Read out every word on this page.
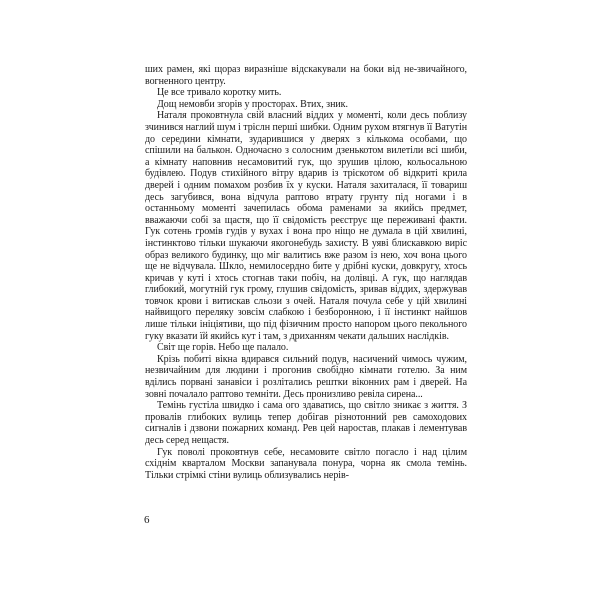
ших рамен, які щораз виразніше відскакували на боки від не-звичайного, вогненного центру.

Це все тривало коротку мить.

Дощ немовби згорів у просторах. Втих, зник.

Наталя проковтнула свій власний віддих у моменті, коли десь поблизу зчинився наглий шум і тріслн перші шибки. Одним рухом втягнув її Ватутін до середини кімнати, зударившися у дверях з кількома особами, що спішили на балькон. Одночасно з солосним дзенькотом вилетіли всі шиби, а кімнату наповнив несамовитий гук, що зрушив цілою, кольосальною будівлею. Подув стихійного вітру вдарив із тріскотом об відкриті крила дверей і одним помахом розбив їх у куски. Наталя захиталася, її товариш десь загубився, вона відчула раптово втрату грунту під ногами і в останньому моменті зачепилась обома раменами за якийсь предмет, вважаючи собі за щастя, що її свідомість реєструє ще переживані факти. Гук сотень громів гудів у вухах і вона про ніщо не думала в цій хвилині, інстинктово тільки шукаючи якогонебудь захисту. В уяві блискавкою вирiс образ великого будинку, що міг валитись вже разом із нею, хоч вона цього ще не відчувала. Шкло, немилосердно бите у дрібні куски, довкругу, хтось кричав у куті і хтось стогнав таки побіч, на долівці. А гук, що наглядав глибокий, могутній гук грому, глушив свідомість, зривав віддих, здержував товчок крови і витискав сльози з очей. Наталя почула себе у цій хвилині найвищого переляку зовсім слабкою і безборонною, і її інстинкт найшов лише тільки ініціятиви, що під фізичним просто напором цього пекольного гуку вказати їй якийсь кут і там, з дриханням чекати дальших наслідків.

Світ ще горів. Небо ще палало.

Крізь побиті вікна вдирався сильний подув, насичений чимось чужим, незвичайним для людини і прогонив свобідно кімнати готелю. За ним вділись порвані занавіси і розлітались рештки віконних рам і дверей. На зовні почалало раптово темніти. Десь пронизливо ревіла сирена...

Темінь густіла швидко і сама ого здаватись, що світло зникає з життя. З провалів глибоких вулиць тепер добігав різнотонний рев самоходових сигналів і дзвони пожарних команд. Рев цей наростав, плакав і лементував десь серед нещастя.

Гук поволі проковтнув себе, несамовите світло погасло і над цілим східнім кварталом Москви запанувала понура, чорна як смола темінь. Тільки стрімкі стіни вулиць облизувались нерів-

6
